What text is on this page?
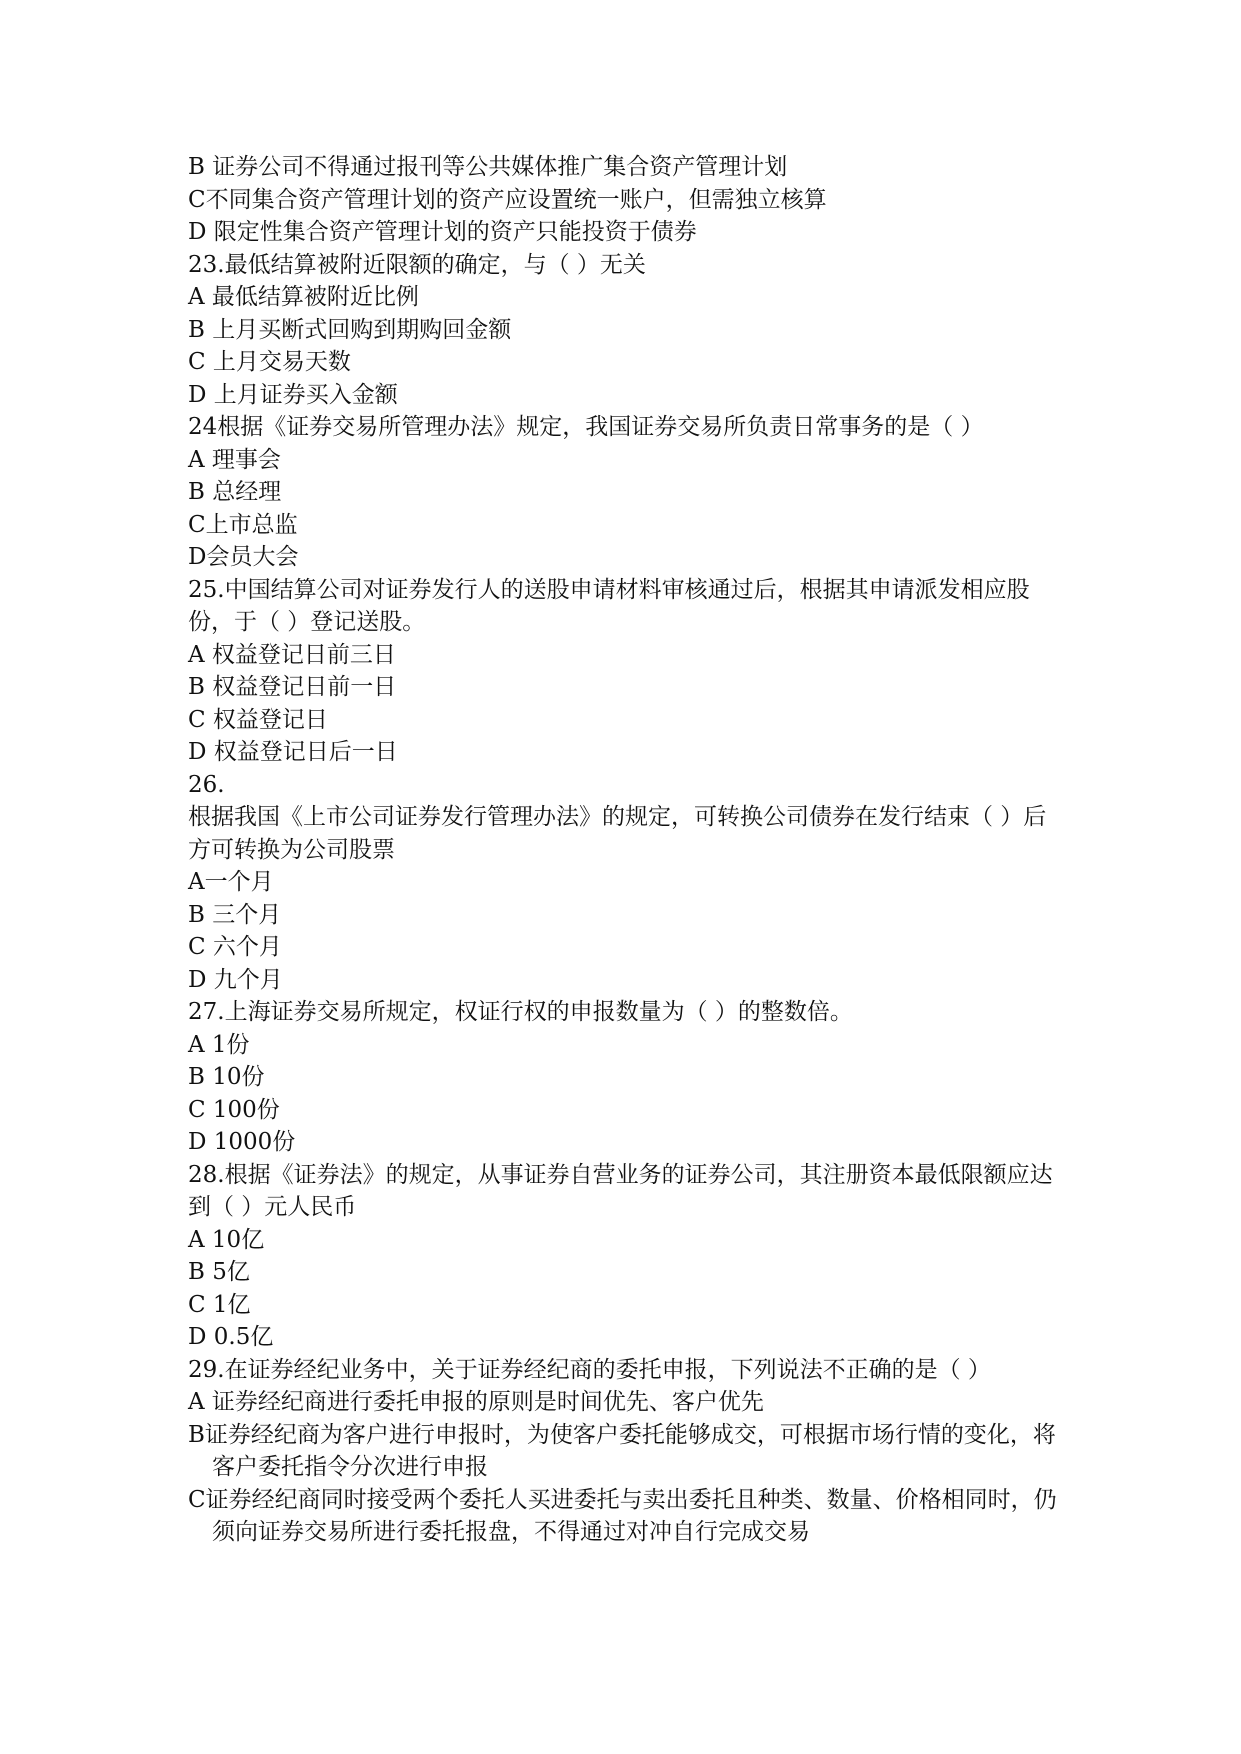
B 证券公司不得通过报刊等公共媒体推广集合资产管理计划

C不同集合资产管理计划的资产应设置统一账户，但需独立核算

D 限定性集合资产管理计划的资产只能投资于债券

23.最低结算被附近限额的确定，与（ ）无关

A 最低结算被附近比例

B 上月买断式回购到期购回金额

C 上月交易天数

D 上月证券买入金额

24根据《证券交易所管理办法》规定，我国证券交易所负责日常事务的是（ ）

A 理事会

B 总经理

C上市总监

D会员大会

25.中国结算公司对证券发行人的送股申请材料审核通过后，根据其申请派发相应股份，于（ ）登记送股。

A 权益登记日前三日

B 权益登记日前一日

C 权益登记日

D 权益登记日后一日

26.

根据我国《上市公司证券发行管理办法》的规定，可转换公司债券在发行结束（ ）后方可转换为公司股票

A一个月

B 三个月

C 六个月

D 九个月

27.上海证券交易所规定，权证行权的申报数量为（ ）的整数倍。

A 1份

B 10份

C 100份

D 1000份

28.根据《证券法》的规定，从事证券自营业务的证券公司，其注册资本最低限额应达到（ ）元人民币

A 10亿

B 5亿

C 1亿

D 0.5亿

29.在证券经纪业务中，关于证券经纪商的委托申报，下列说法不正确的是（ ）

A 证券经纪商进行委托申报的原则是时间优先、客户优先

B证券经纪商为客户进行申报时，为使客户委托能够成交，可根据市场行情的变化，将客户委托指令分次进行申报

C证券经纪商同时接受两个委托人买进委托与卖出委托且种类、数量、价格相同时，仍须向证券交易所进行委托报盘，不得通过对冲自行完成交易
